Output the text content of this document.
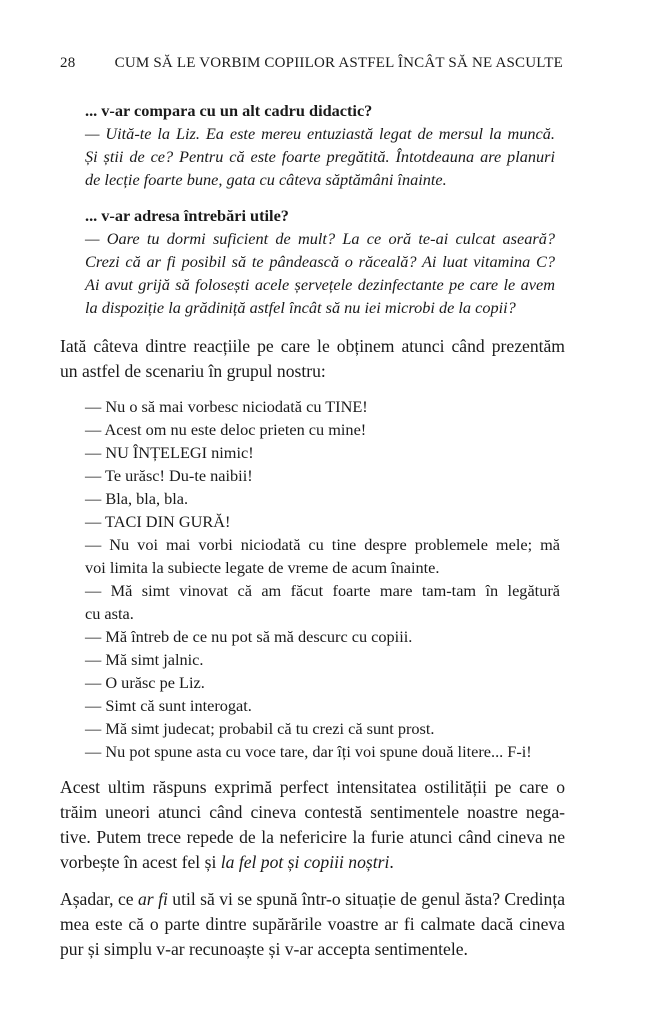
28	CUM SĂ LE VORBIM COPIILOR ASTFEL ÎNCÂT SĂ NE ASCULTE
... v-ar compara cu un alt cadru didactic?
— Uită-te la Liz. Ea este mereu entuziastă legat de mersul la muncă.
Și știi de ce? Pentru că este foarte pregătită. Întotdeauna are planuri
de lecție foarte bune, gata cu câteva săptămâni înainte.
... v-ar adresa întrebări utile?
— Oare tu dormi suficient de mult? La ce oră te-ai culcat aseară?
Crezi că ar fi posibil să te pândească o răceală? Ai luat vitamina C?
Ai avut grijă să folosești acele șervețele dezinfectante pe care le avem
la dispoziție la grădiniță astfel încât să nu iei microbi de la copii?
Iată câteva dintre reacțiile pe care le obținem atunci când prezentăm
un astfel de scenariu în grupul nostru:
— Nu o să mai vorbesc niciodată cu TINE!
— Acest om nu este deloc prieten cu mine!
— NU ÎNȚELEGI nimic!
— Te urăsc! Du-te naibii!
— Bla, bla, bla.
— TACI DIN GURĂ!
— Nu voi mai vorbi niciodată cu tine despre problemele mele; mă
voi limita la subiecte legate de vreme de acum înainte.
— Mă simt vinovat că am făcut foarte mare tam-tam în legătură
cu asta.
— Mă întreb de ce nu pot să mă descurc cu copiii.
— Mă simt jalnic.
— O urăsc pe Liz.
— Simt că sunt interogat.
— Mă simt judecat; probabil că tu crezi că sunt prost.
— Nu pot spune asta cu voce tare, dar îți voi spune două litere... F-i!
Acest ultim răspuns exprimă perfect intensitatea ostilității pe care o
trăim uneori atunci când cineva contestă sentimentele noastre nega-
tive. Putem trece repede de la nefericire la furie atunci când cineva ne
vorbește în acest fel și la fel pot și copiii noștri.
Așadar, ce ar fi util să vi se spună într-o situație de genul ăsta? Credința
mea este că o parte dintre supărările voastre ar fi calmate dacă cineva
pur și simplu v-ar recunoaște și v-ar accepta sentimentele.
